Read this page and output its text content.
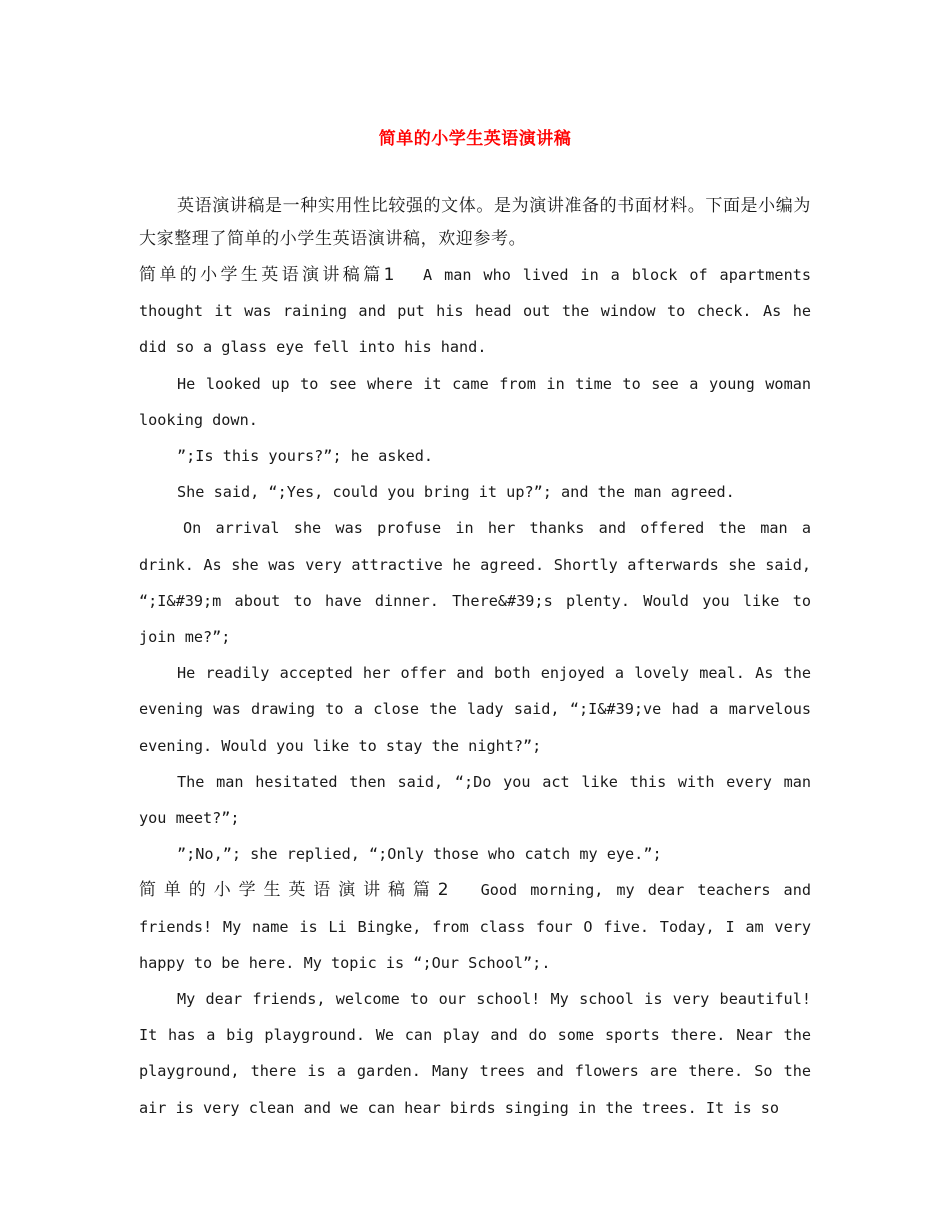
简单的小学生英语演讲稿

英语演讲稿是一种实用性比较强的文体。是为演讲准备的书面材料。下面是小编为大家整理了简单的小学生英语演讲稿，欢迎参考。

简单的小学生英语演讲稿篇1 A man who lived in a block of apartments thought it was raining and put his head out the window to check. As he did so a glass eye fell into his hand.

He looked up to see where it came from in time to see a young woman looking down.

”;Is this yours?”; he asked.

She said, “;Yes, could you bring it up?”; and the man agreed.

On arrival she was profuse in her thanks and offered the man a drink. As she was very attractive he agreed. Shortly afterwards she said, “;I&#39;m about to have dinner. There&#39;s plenty. Would you like to join me?”;

He readily accepted her offer and both enjoyed a lovely meal. As the evening was drawing to a close the lady said, “;I&#39;ve had a marvelous evening. Would you like to stay the night?”;

The man hesitated then said, “;Do you act like this with every man you meet?”;

”;No,”; she replied, “;Only those who catch my eye.”;

简单的小学生英语演讲稿篇2 Good morning, my dear teachers and friends! My name is Li Bingke, from class four O five. Today, I am very happy to be here. My topic is “;Our School”;.

My dear friends, welcome to our school! My school is very beautiful! It has a big playground. We can play and do some sports there. Near the playground, there is a garden. Many trees and flowers are there. So the air is very clean and we can hear birds singing in the trees. It is so
